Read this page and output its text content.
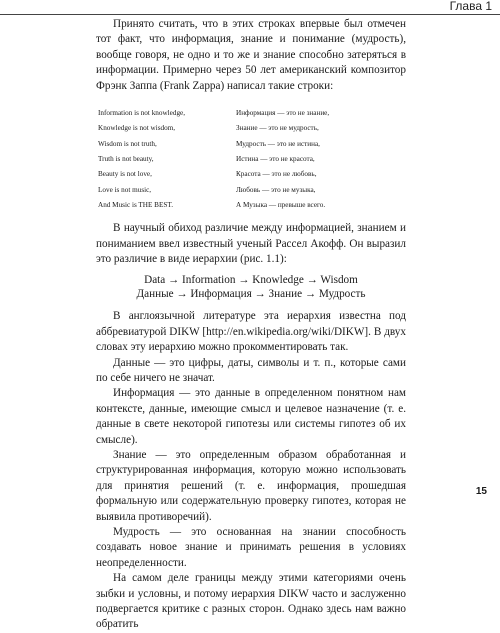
Глава 1

Принято считать, что в этих строках впервые был отмечен тот факт, что информация, знание и понимание (мудрость), вообще говоря, не одно и то же и знание способно затеряться в информации. Примерно через 50 лет американский композитор Фрэнк Заппа (Frank Zappa) написал такие строки:

Information is not knowledge,
Knowledge is not wisdom,
Wisdom is not truth,
Truth is not beauty,
Beauty is not love,
Love is not music,
And Music is THE BEST.
Информация — это не знание,
Знание — это не мудрость,
Мудрость — это не истина,
Истина — это не красота,
Красота — это не любовь,
Любовь — это не музыка,
А Музыка — превыше всего.

В научный обиход различие между информацией, знанием и пониманием ввел известный ученый Рассел Акофф. Он выразил это различие в виде иерархии (рис. 1.1):

Data → Information → Knowledge → Wisdom
Данные → Информация → Знание → Мудрость

В англоязычной литературе эта иерархия известна под аббревиатурой DIKW [http://en.wikipedia.org/wiki/DIKW]. В двух словах эту иерархию можно прокомментировать так.

Данные — это цифры, даты, символы и т. п., которые сами по себе ничего не значат.

Информация — это данные в определенном понятном нам контексте, данные, имеющие смысл и целевое назначение (т. е. данные в свете некоторой гипотезы или системы гипотез об их смысле).

Знание — это определенным образом обработанная и структурированная информация, которую можно использовать для принятия решений (т. е. информация, прошедшая формальную или содержательную проверку гипотез, которая не выявила противоречий).

Мудрость — это основанная на знании способность создавать новое знание и принимать решения в условиях неопределенности.

На самом деле границы между этими категориями очень зыбки и условны, и потому иерархия DIKW часто и заслуженно подвергается критике с разных сторон. Однако здесь нам важно обратить

15
